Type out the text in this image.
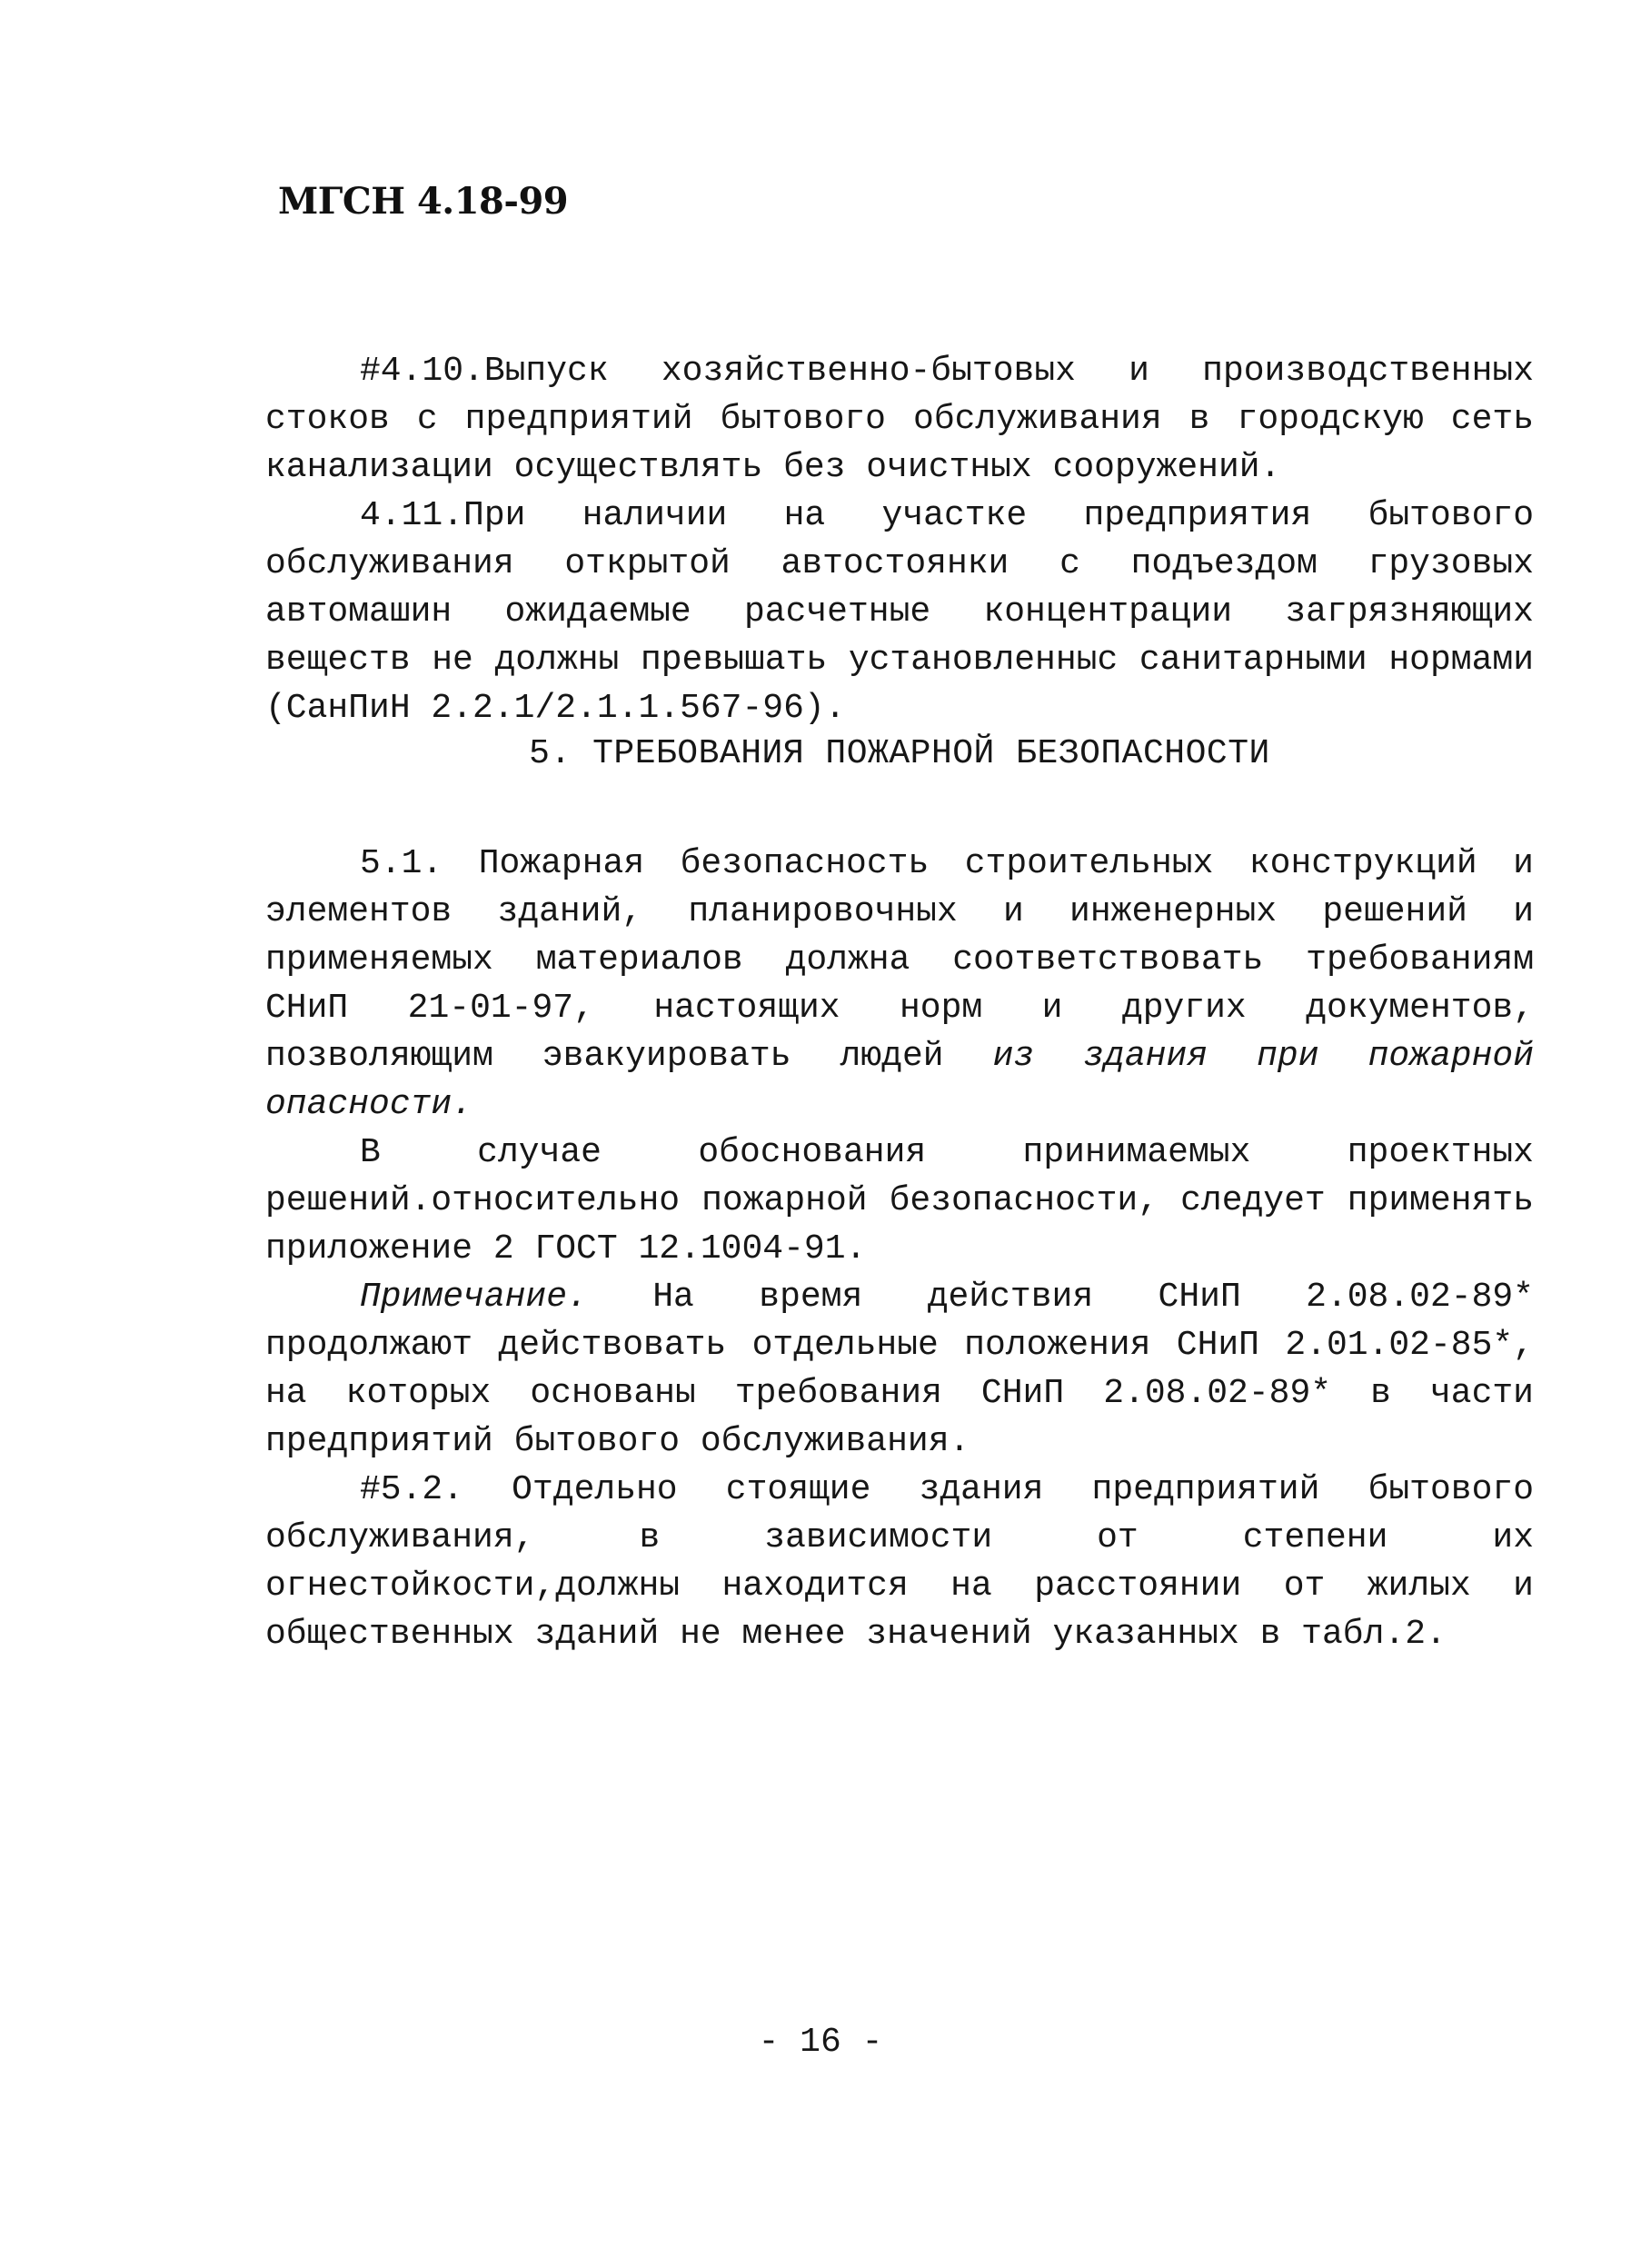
МГСН 4.18-99

#4.10.Выпуск хозяйственно-бытовых и производственных стоков с предприятий бытового обслуживания в городскую сеть канализации осуществлять без очистных сооружений.

4.11.При наличии на участке предприятия бытового обслуживания открытой автостоянки с подъездом грузовых автомашин ожидаемые расчетные концентрации загрязняющих веществ не должны превышать установленныс санитарными нормами (СанПиН 2.2.1/2.1.1.567-96).

5. ТРЕБОВАНИЯ ПОЖАРНОЙ БЕЗОПАСНОСТИ

5.1. Пожарная безопасность строительных конструкций и элементов зданий, планировочных и инженерных решений и применяемых материалов должна соответствовать требованиям СНиП 21-01-97, настоящих норм и других документов, позволяющим эвакуировать людей из здания при пожарной опасности.

В случае обоснования принимаемых проектных решений.относительно пожарной безопасности, следует применять приложение 2 ГОСТ 12.1004-91.

Примечание. На время действия СНиП 2.08.02-89* продолжают действовать отдельные положения СНиП 2.01.02-85*, на которых основаны требования СНиП 2.08.02-89* в части предприятий бытового обслуживания.

#5.2. Отдельно стоящие здания предприятий бытового обслуживания, в зависимости от степени их огнестойкости,должны находится на расстоянии от жилых и общественных зданий не менее значений указанных в табл.2.

- 16 -
